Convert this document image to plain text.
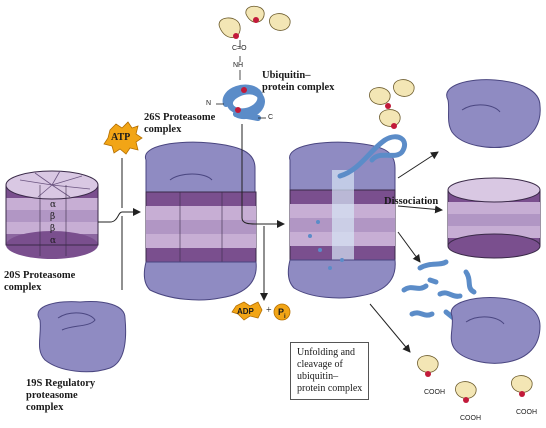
α
β
β
α
ATP
20S Proteasome
complex
19S Regulatory
proteasome
complex
26S Proteasome
complex
Ubiquitin–
protein complex
Dissociation
Unfolding and
cleavage of
ubiquitin–
protein complex
ADP + $P_i$
C=O
NH
N
C
COOH
COOH
COOH
